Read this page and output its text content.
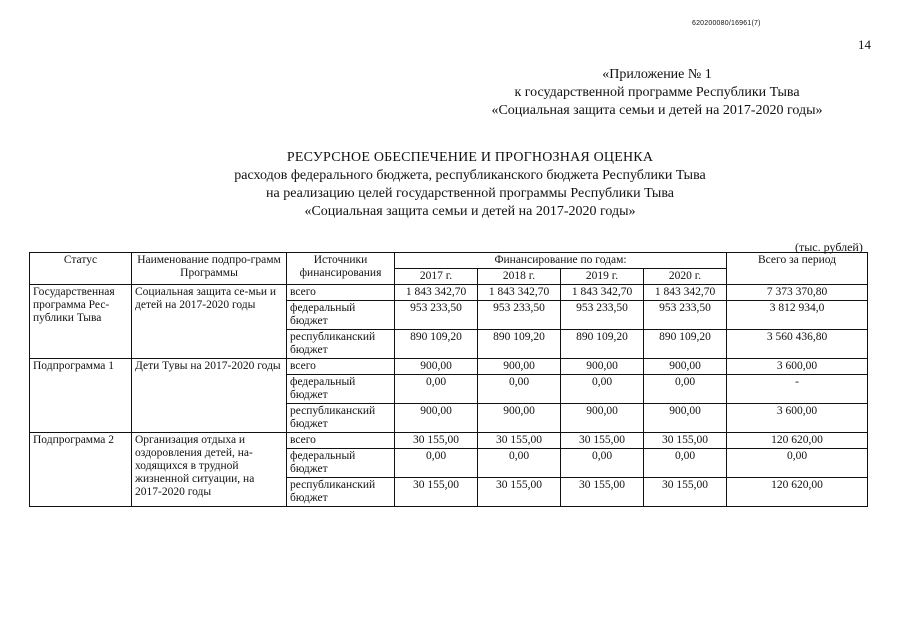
620200080/16961(7)
14
«Приложение № 1
к государственной программе Республики Тыва
«Социальная защита семьи и детей на 2017-2020 годы»
РЕСУРСНОЕ ОБЕСПЕЧЕНИЕ И ПРОГНОЗНАЯ ОЦЕНКА
расходов федерального бюджета, республиканского бюджета Республики Тыва
на реализацию целей государственной программы Республики Тыва
«Социальная защита семьи и детей на 2017-2020 годы»
(тыс. рублей)
Статус	Наименование подпро-грамм Программы	Источники финансирования	Финансирование по годам:				Всего за период
			2017 г.	2018 г.	2019 г.	2020 г.	
Государственная программа Рес-публики Тыва	Социальная защита се-мьи и детей на 2017-2020 годы	всего	1 843 342,70	1 843 342,70	1 843 342,70	1 843 342,70	7 373 370,80
		федеральный бюджет	953 233,50	953 233,50	953 233,50	953 233,50	3 812 934,0
		республиканский бюджет	890 109,20	890 109,20	890 109,20	890 109,20	3 560 436,80
Подпрограмма 1	Дети Тувы на 2017-2020 годы	всего	900,00	900,00	900,00	900,00	3 600,00
		федеральный бюджет	0,00	0,00	0,00	0,00	-
		республиканский бюджет	900,00	900,00	900,00	900,00	3 600,00
Подпрограмма 2	Организация отдыха и оздоровления детей, на-ходящихся в трудной жизненной ситуации, на 2017-2020 годы	всего	30 155,00	30 155,00	30 155,00	30 155,00	120 620,00
		федеральный бюджет	0,00	0,00	0,00	0,00	0,00
		республиканский бюджет	30 155,00	30 155,00	30 155,00	30 155,00	120 620,00
